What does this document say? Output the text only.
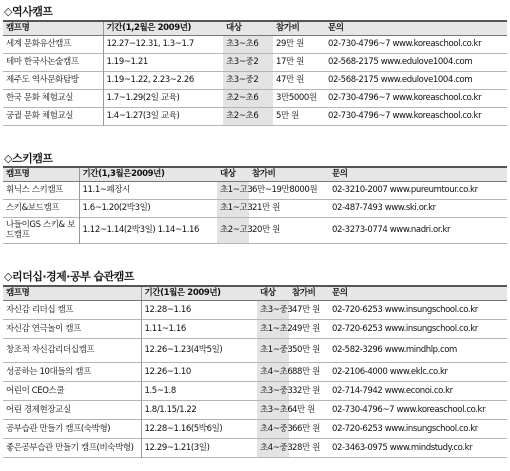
◇역사캠프
캠프명	기간(1,2월은 2009년)	대상	참가비	문의
세계 문화유산캠프	12.27~12.31, 1.3~1.7	초3~초6	29만 원	02-730-4796~7 www.koreaschool.co.kr
테마 한국사논술캠프	1.19~1.21	초3~중2	17만 원	02-568-2175 www.edulove1004.com
제주도 역사문화탐방	1.19~1.22, 2.23~2.26	초3~중2	47만 원	02-568-2175 www.edulove1004.com
한국 문화 체험교실	1.7~1.29(2일 교육)	초2~초6	3만5000원	02-730-4796~7 www.koreaschool.co.kr
궁궐 문화 체험교실	1.4~1.27(3일 교육)	초2~초6	5만 원	02-730-4796~7 www.koreaschool.co.kr
◇스키캠프
캠프명	기간(1,3월은2009년)	대상	참가비	문의
휘닉스 스키캠프	11.1~폐장시	초1~고3	6만~19만8000원	02-3210-2007 www.pureumtour.co.kr
스키&보드캠프	1.6~1.20(2박3일)	초1~고3	21만 원	02-487-7493 www.ski.or.kr
나들이GS 스키& 보드캠프	1.12~1.14(2박3일) 1.14~1.16	초2~고3	20만 원	02-3273-0774 www.nadri.or.kr
◇리더십·경제·공부 습관캠프
캠프명	기간(1월은 2009년)	대상	참가비	문의
자신감 리더십 캠프	12.28~1.16	초3~중3	47만 원	02-720-6253 www.insungschool.co.kr
자신감 연극놀이 캠프	1.11~1.16	초1~초2	49만 원	02-720-6253 www.insungschool.co.kr
창조적 자신감리더십캠프	12.26~1.23(4박5일)	초1~중3	50만 원	02-582-3296 www.mindhlp.com
성공하는 10대들의 캠프	12.26~1.10	초4~초6	88만 원	02-2106-4000 www.eklc.co.kr
어린이 CEO스쿨	1.5~1.8	초3~중3	32만 원	02-714-7942 www.econoi.co.kr
어린 경제현장교실	1.8/1.15/1.22	초3~초6	4만 원	02-730-4796~7 www.koreaschool.co.kr
공부습관 만들기 캠프(숙박형)	12.28~1.16(5박6일)	초4~중3	66만 원	02-720-6253 www.insungschool.co.kr
좋은공부습관 만들기 캠프(비숙박형)	12.29~1.21(3일)	초4~중3	28만 원	02-3463-0975 www.mindstudy.co.kr
